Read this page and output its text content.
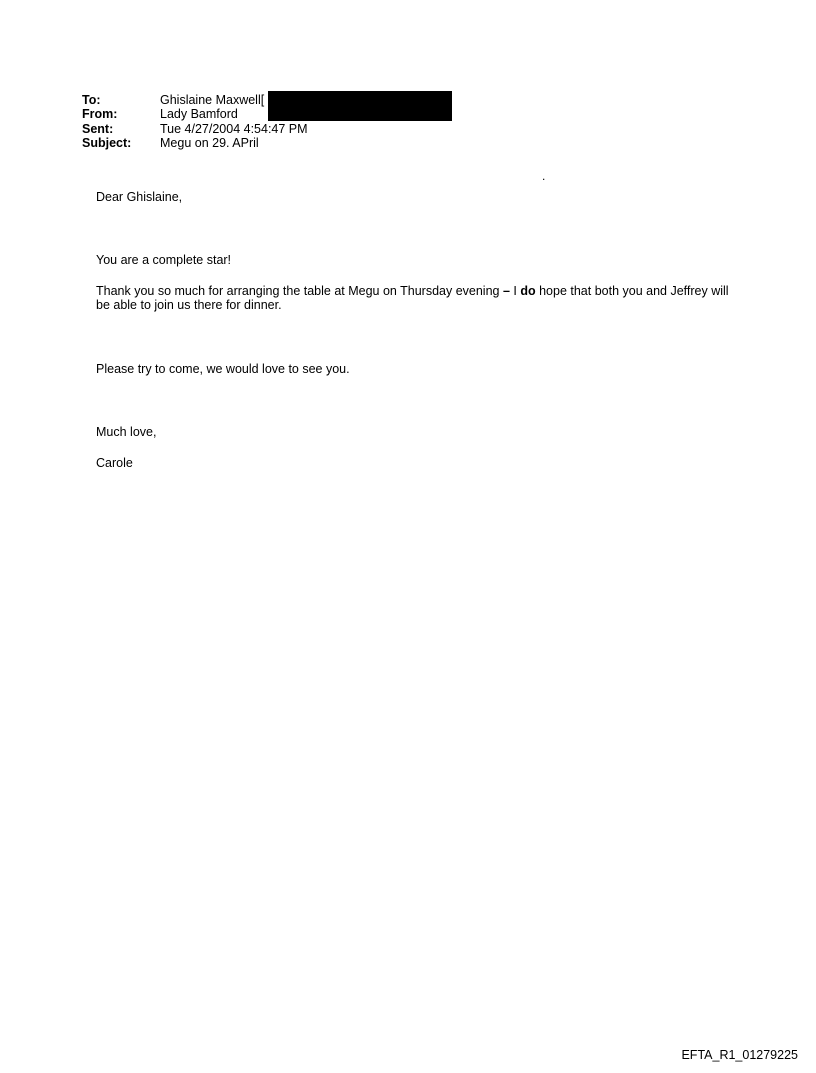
To:	Ghislaine Maxwell[
From:	Lady Bamford
Sent:	Tue 4/27/2004 4:54:47 PM
Subject:	Megu on 29. APril
.

Dear Ghislaine,

You are a complete star!

Thank you so much for arranging the table at Megu on Thursday evening – I do hope that both you and Jeffrey will be able to join us there for dinner.

Please try to come, we would love to see you.

Much love,

Carole

EFTA_R1_01279225
